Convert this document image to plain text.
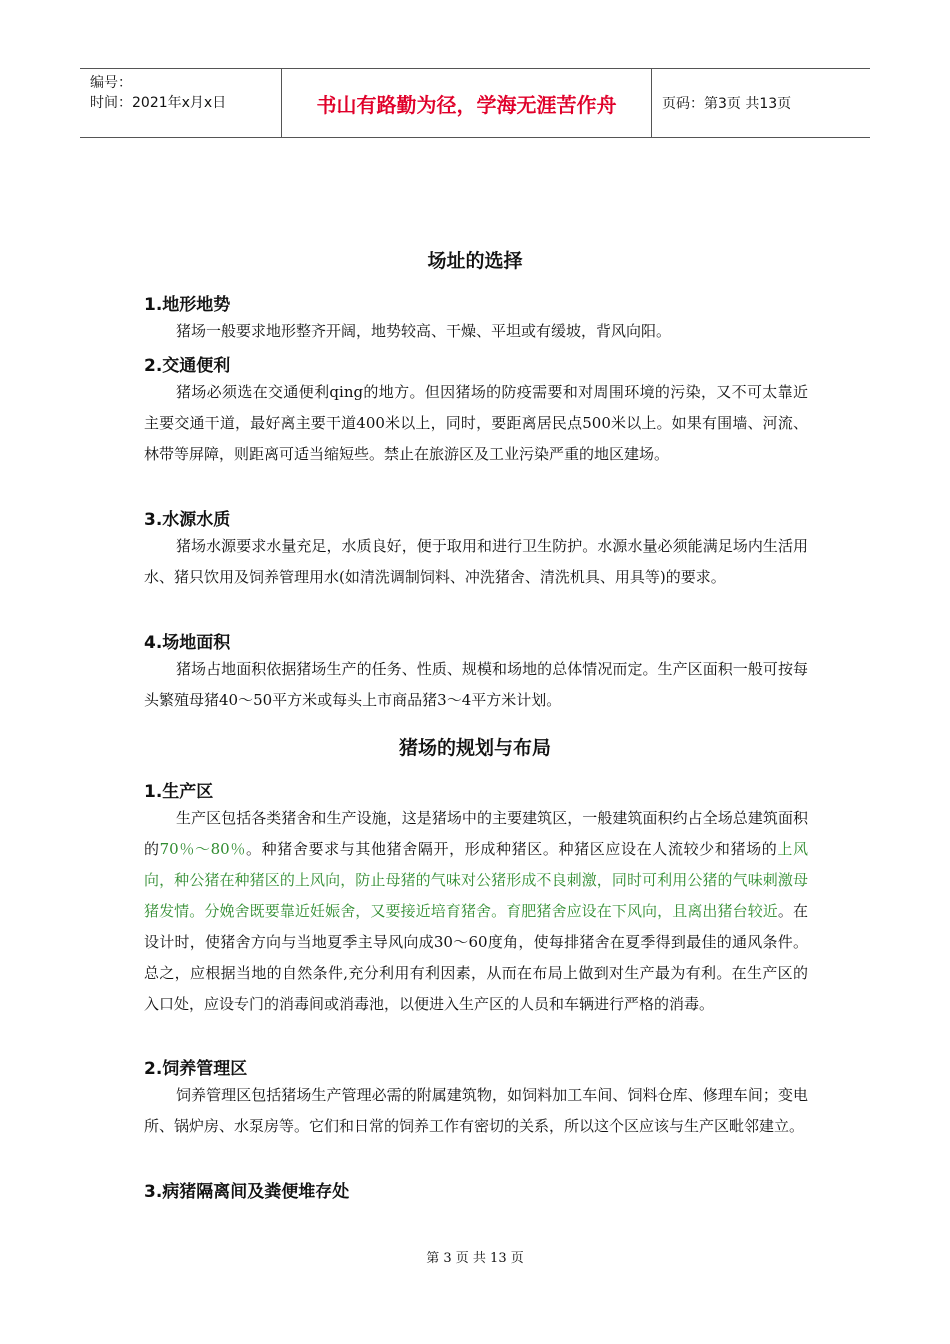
编号：
时间：2021年x月x日	书山有路勤为径，学海无涯苦作舟	页码：第3页 共13页
场址的选择
1.地形地势
猪场一般要求地形整齐开阔，地势较高、干燥、平坦或有缓坡，背风向阳。
2.交通便利
猪场必须选在交通便利qing的地方。但因猪场的防疫需要和对周围环境的污染，又不可太靠近主要交通干道，最好离主要干道400米以上，同时，要距离居民点500米以上。如果有围墙、河流、林带等屏障，则距离可适当缩短些。禁止在旅游区及工业污染严重的地区建场。
3.水源水质
猪场水源要求水量充足，水质良好，便于取用和进行卫生防护。水源水量必须能满足场内生活用水、猪只饮用及饲养管理用水(如清洗调制饲料、冲洗猪舍、清洗机具、用具等)的要求。
4.场地面积
猪场占地面积依据猪场生产的任务、性质、规模和场地的总体情况而定。生产区面积一般可按每头繁殖母猪40～50平方米或每头上市商品猪3～4平方米计划。
猪场的规划与布局
1.生产区
生产区包括各类猪舍和生产设施，这是猪场中的主要建筑区，一般建筑面积约占全场总建筑面积的70％～80％。种猪舍要求与其他猪舍隔开，形成种猪区。种猪区应设在人流较少和猪场的上风向，种公猪在种猪区的上风向，防止母猪的气味对公猪形成不良刺激，同时可利用公猪的气味刺激母猪发情。分娩舍既要靠近妊娠舍，又要接近培育猪舍。育肥猪舍应设在下风向，且离出猪台较近。在设计时，使猪舍方向与当地夏季主导风向成30～60度角，使每排猪舍在夏季得到最佳的通风条件。总之，应根据当地的自然条件,充分利用有利因素，从而在布局上做到对生产最为有利。在生产区的入口处，应设专门的消毒间或消毒池，以便进入生产区的人员和车辆进行严格的消毒。
2.饲养管理区
饲养管理区包括猪场生产管理必需的附属建筑物，如饲料加工车间、饲料仓库、修理车间；变电所、锅炉房、水泵房等。它们和日常的饲养工作有密切的关系，所以这个区应该与生产区毗邻建立。
3.病猪隔离间及粪便堆存处
第 3 页 共 13 页
